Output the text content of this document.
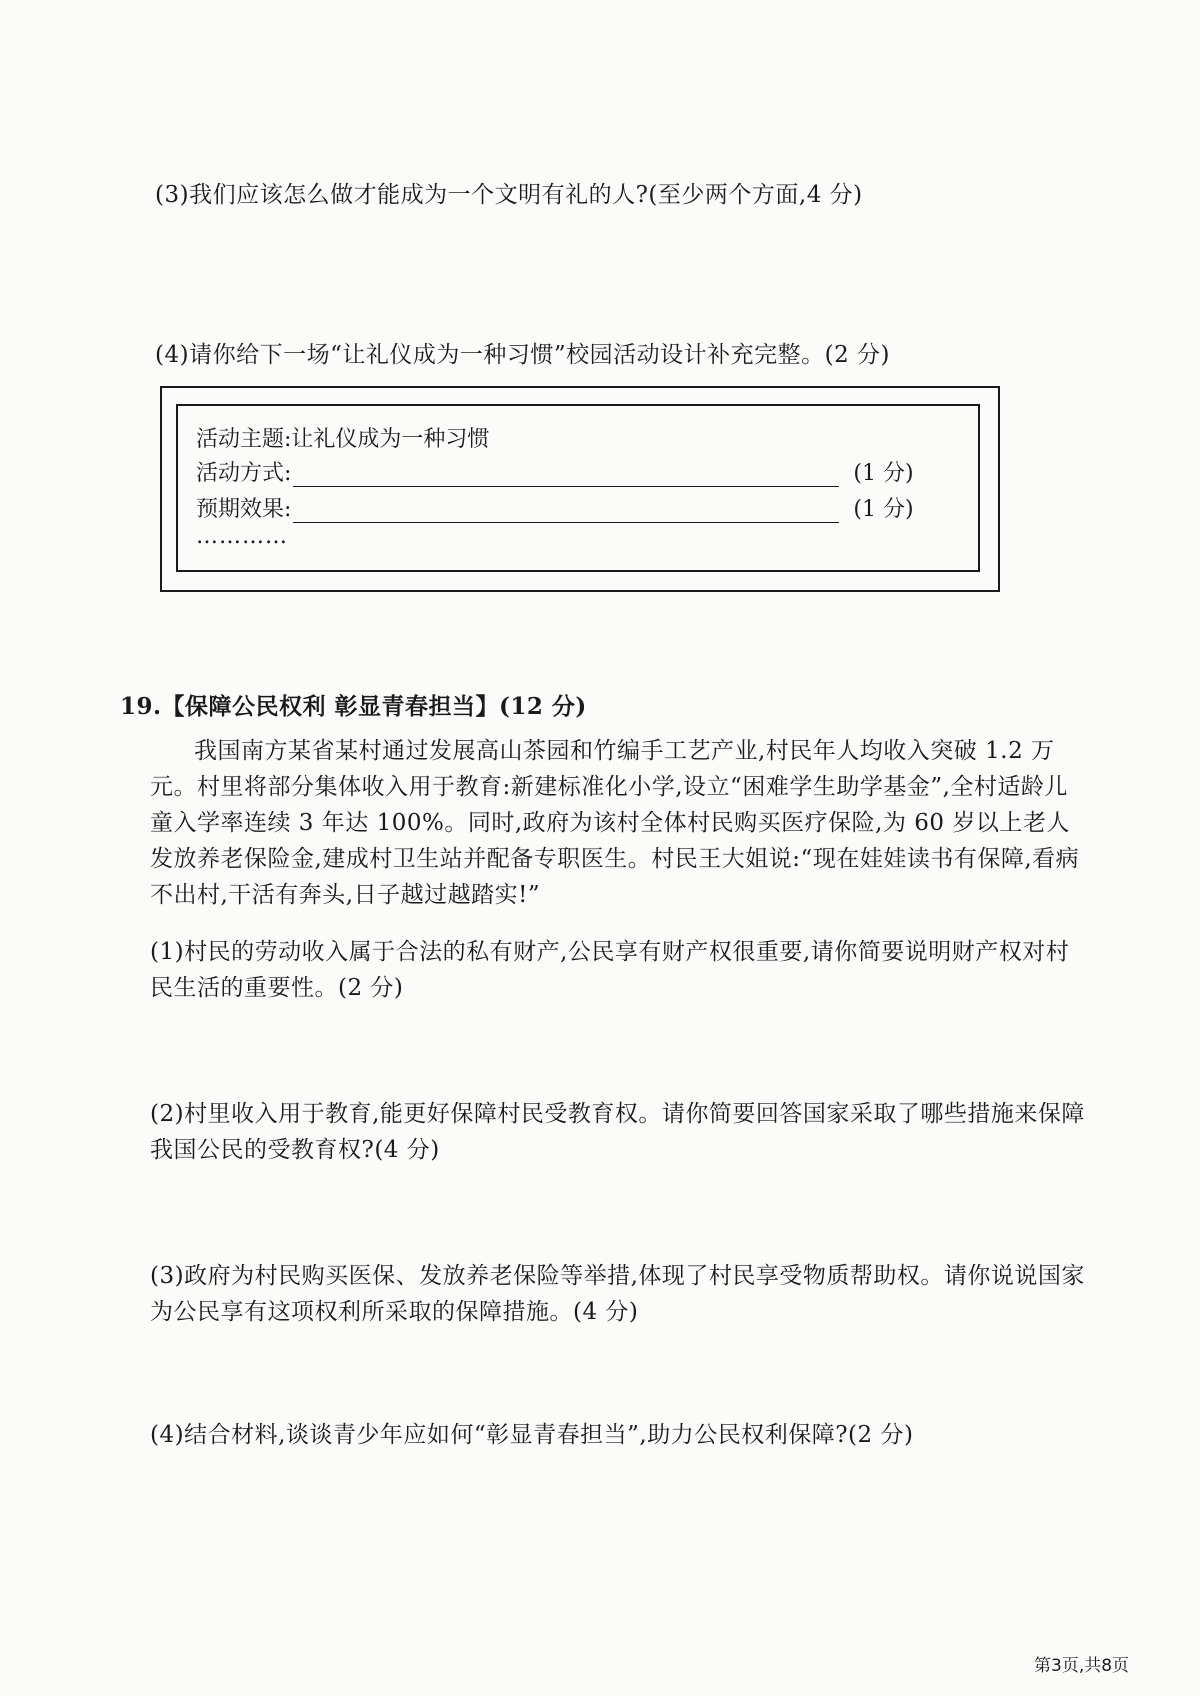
(3)我们应该怎么做才能成为一个文明有礼的人?(至少两个方面,4 分)
(4)请你给下一场“让礼仪成为一种习惯”校园活动设计补充完整。(2 分)
活动主题:让礼仪成为一种习惯
活动方式:	(1 分)
预期效果:	(1 分)
…………
19.【保障公民权利 彰显青春担当】(12 分)
我国南方某省某村通过发展高山茶园和竹编手工艺产业,村民年人均收入突破 1.2 万元。村里将部分集体收入用于教育:新建标准化小学,设立“困难学生助学基金”,全村适龄儿童入学率连续 3 年达 100%。同时,政府为该村全体村民购买医疗保险,为 60 岁以上老人发放养老保险金,建成村卫生站并配备专职医生。村民王大姐说:“现在娃娃读书有保障,看病不出村,干活有奔头,日子越过越踏实!”
(1)村民的劳动收入属于合法的私有财产,公民享有财产权很重要,请你简要说明财产权对村民生活的重要性。(2 分)
(2)村里收入用于教育,能更好保障村民受教育权。请你简要回答国家采取了哪些措施来保障我国公民的受教育权?(4 分)
(3)政府为村民购买医保、发放养老保险等举措,体现了村民享受物质帮助权。请你说说国家为公民享有这项权利所采取的保障措施。(4 分)
(4)结合材料,谈谈青少年应如何“彰显青春担当”,助力公民权利保障?(2 分)
第3页,共8页
